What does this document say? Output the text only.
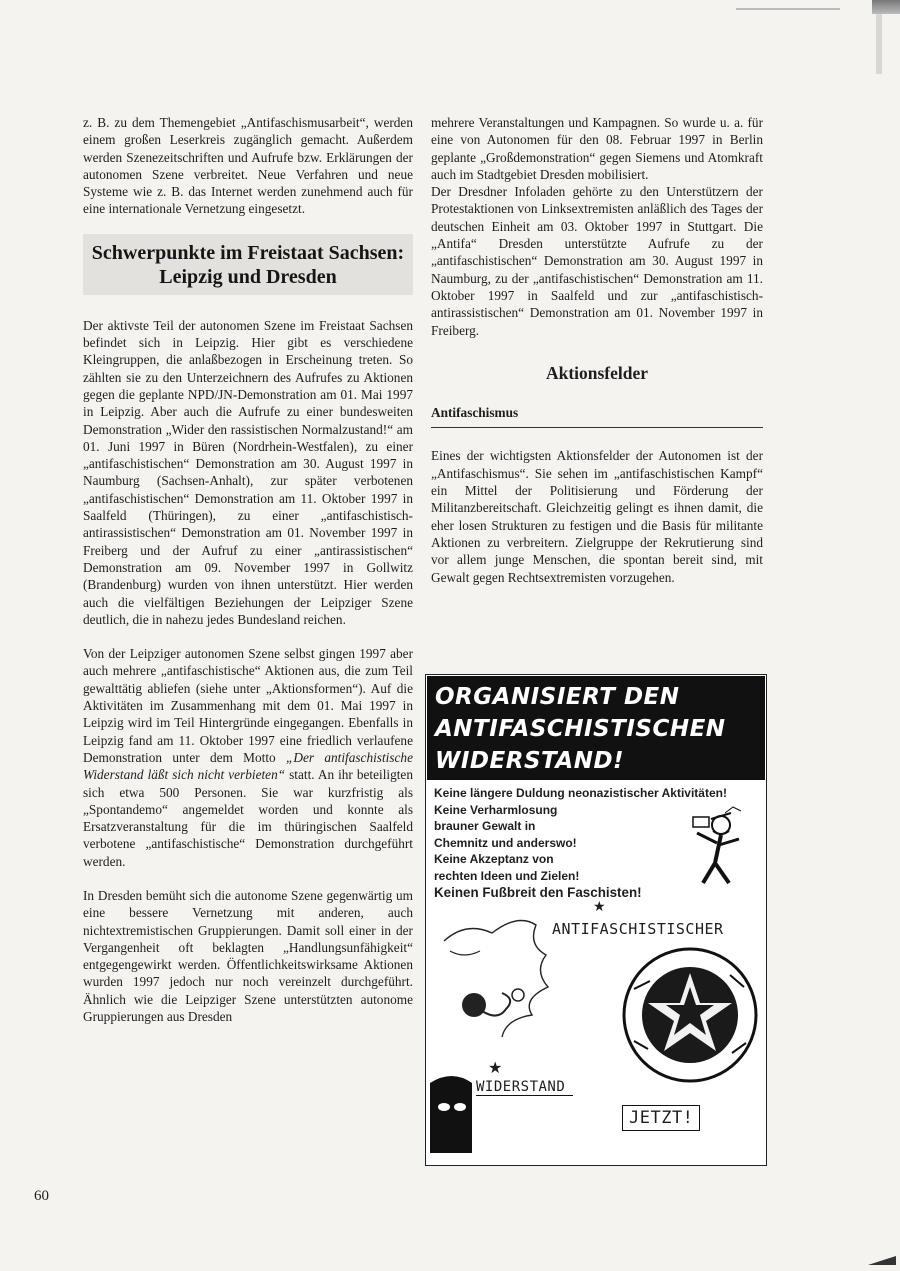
z. B. zu dem Themengebiet „Antifaschismusarbeit“, werden einem großen Leserkreis zugänglich gemacht. Außerdem werden Szenezeitschriften und Aufrufe bzw. Erklärungen der autonomen Szene verbreitet. Neue Verfahren und neue Systeme wie z. B. das Internet werden zunehmend auch für eine internationale Vernetzung eingesetzt.

Schwerpunkte im Freistaat Sachsen:
Leipzig und Dresden

Der aktivste Teil der autonomen Szene im Freistaat Sachsen befindet sich in Leipzig. Hier gibt es verschiedene Kleingruppen, die anlaßbezogen in Erscheinung treten. So zählten sie zu den Unterzeichnern des Aufrufes zu Aktionen gegen die geplante NPD/JN-Demonstration am 01. Mai 1997 in Leipzig. Aber auch die Aufrufe zu einer bundesweiten Demonstration „Wider den rassistischen Normalzustand!“ am 01. Juni 1997 in Büren (Nordrhein-Westfalen), zu einer „antifaschistischen“ Demonstration am 30. August 1997 in Naumburg (Sachsen-Anhalt), zur später verbotenen „antifaschistischen“ Demonstration am 11. Oktober 1997 in Saalfeld (Thüringen), zu einer „antifaschistisch-antirassistischen“ Demonstration am 01. November 1997 in Freiberg und der Aufruf zu einer „antirassistischen“ Demonstration am 09. November 1997 in Gollwitz (Brandenburg) wurden von ihnen unterstützt. Hier werden auch die vielfältigen Beziehungen der Leipziger Szene deutlich, die in nahezu jedes Bundesland reichen.

Von der Leipziger autonomen Szene selbst gingen 1997 aber auch mehrere „antifaschistische“ Aktionen aus, die zum Teil gewalttätig abliefen (siehe unter „Aktionsformen“). Auf die Aktivitäten im Zusammenhang mit dem 01. Mai 1997 in Leipzig wird im Teil Hintergründe eingegangen. Ebenfalls in Leipzig fand am 11. Oktober 1997 eine friedlich verlaufene Demonstration unter dem Motto „Der antifaschistische Widerstand läßt sich nicht verbieten“ statt. An ihr beteiligten sich etwa 500 Personen. Sie war kurzfristig als „Spontandemo“ angemeldet worden und konnte als Ersatzveranstaltung für die im thüringischen Saalfeld verbotene „antifaschistische“ Demonstration durchgeführt werden.

In Dresden bemüht sich die autonome Szene gegenwärtig um eine bessere Vernetzung mit anderen, auch nichtextremistischen Gruppierungen. Damit soll einer in der Vergangenheit oft beklagten „Handlungsunfähigkeit“ entgegengewirkt werden. Öffentlichkeitswirksame Aktionen wurden 1997 jedoch nur noch vereinzelt durchgeführt. Ähnlich wie die Leipziger Szene unterstützten autonome Gruppierungen aus Dresden

mehrere Veranstaltungen und Kampagnen. So wurde u. a. für eine von Autonomen für den 08. Februar 1997 in Berlin geplante „Großdemonstration“ gegen Siemens und Atomkraft auch im Stadtgebiet Dresden mobilisiert.

Der Dresdner Infoladen gehörte zu den Unterstützern der Protestaktionen von Linksextremisten anläßlich des Tages der deutschen Einheit am 03. Oktober 1997 in Stuttgart. Die „Antifa“ Dresden unterstützte Aufrufe zu der „antifaschistischen“ Demonstration am 30. August 1997 in Naumburg, zu der „antifaschistischen“ Demonstration am 11. Oktober 1997 in Saalfeld und zur „antifaschistisch-antirassistischen“ Demonstration am 01. November 1997 in Freiberg.

Aktionsfelder
Antifaschismus

Eines der wichtigsten Aktionsfelder der Autonomen ist der „Antifaschismus“. Sie sehen im „antifaschistischen Kampf“ ein Mittel der Politisierung und Förderung der Militanzbereitschaft. Gleichzeitig gelingt es ihnen damit, die eher losen Strukturen zu festigen und die Basis für militante Aktionen zu verbreitern. Zielgruppe der Rekrutierung sind vor allem junge Menschen, die spontan bereit sind, mit Gewalt gegen Rechtsextremisten vorzugehen.

ORGANISIERT DEN
ANTIFASCHISTISCHEN
WIDERSTAND!
Keine längere Duldung neonazistischer Aktivitäten!
Keine Verharmlosung
brauner Gewalt in
Chemnitz und anderswo!
Keine Akzeptanz von
rechten Ideen und Zielen!
Keinen Fußbreit den Faschisten!
★
ANTIFASCHISTISCHER
★
WIDERSTAND
JETZT!
60
